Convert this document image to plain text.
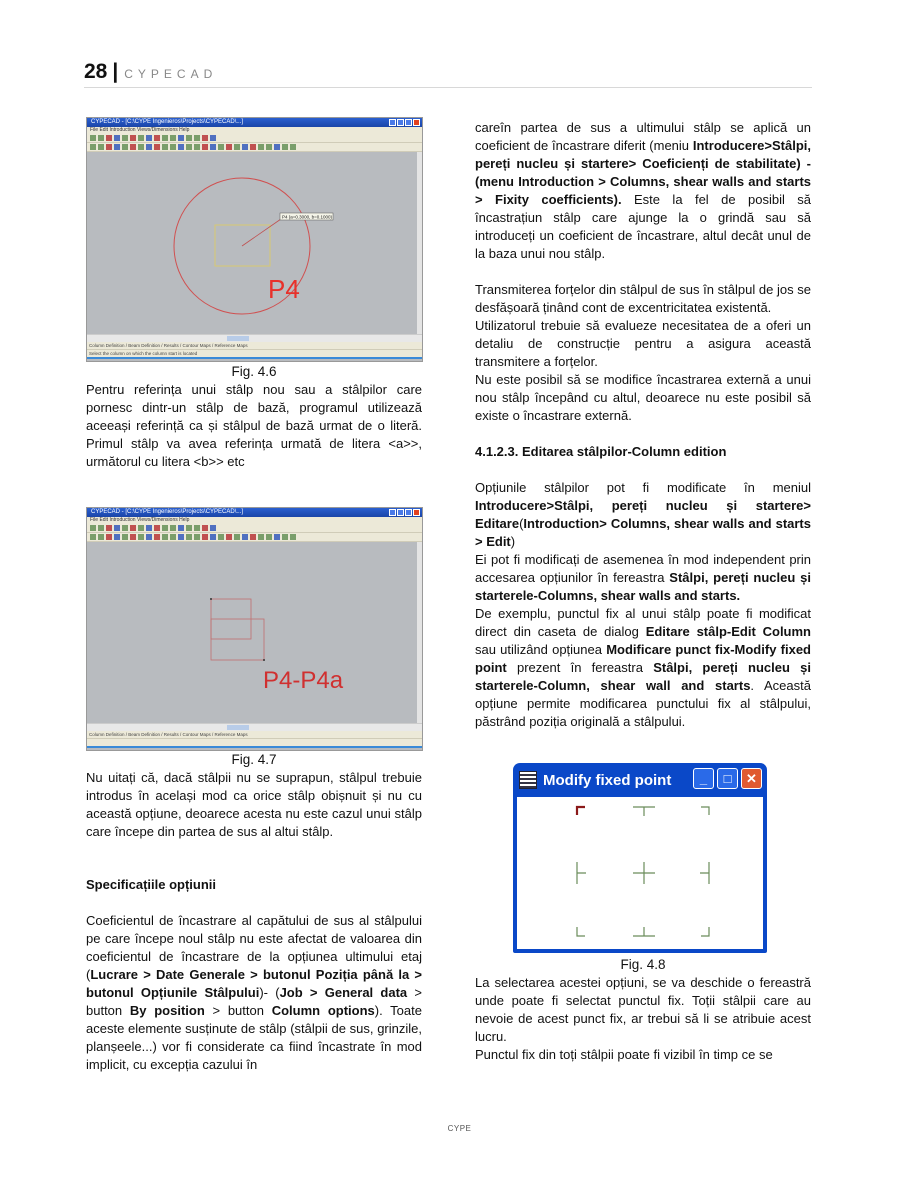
28 | CYPECAD
CYPECAD - [C:\CYPE Ingenieros\Projects\CYPECAD\...]
File Edit Introduction Views/Dimensions Help
P4 (a=0.3000, b=0.1000)
P4
Column Definition / Beam Definition / Results / Contour Maps / Reference Maps
Select the column on which the column start is located

Fig. 4.6

Pentru referința unui stâlp nou sau a stâlpilor care pornesc dintr-un stâlp de bază, programul utilizează aceeași referință ca și stâlpul de bază urmat de o literă. Primul stâlp va avea referința urmată de litera <a>>, următorul cu litera <b>> etc

CYPECAD - [C:\CYPE Ingenieros\Projects\CYPECAD\...]
File Edit Introduction Views/Dimensions Help
P4-P4a
Column Definition / Beam Definition / Results / Contour Maps / Reference Maps

Fig. 4.7

Nu uitați că, dacă stâlpii nu se suprapun, stâlpul trebuie introdus în același mod ca orice stâlp obișnuit și nu cu această opțiune, deoarece acesta nu este cazul unui stâlp care începe din partea de sus al altui stâlp.

Specificațiile opțiunii

Coeficientul de încastrare al capătului de sus al stâlpului pe care începe noul stâlp nu este afectat de valoarea din coeficientul de încastrare de la opțiunea ultimului etaj (Lucrare > Date Generale > butonul Poziția până la > butonul Opțiunile Stâlpului)- (Job > General data > button By position > button Column options). Toate aceste elemente susținute de stâlp (stâlpii de sus, grinzile, planșeele...) vor fi considerate ca fiind încastrate în mod implicit, cu excepția cazului în

careîn partea de sus a ultimului stâlp se aplică un coeficient de încastrare diferit (meniu Introducere>Stâlpi, pereți nucleu și startere> Coeficienți de stabilitate) - (menu Introduction > Columns, shear walls and starts > Fixity coefficients). Este la fel de posibil să încastrațiun stâlp care ajunge la o grindă sau să introduceți un coeficient de încastrare, altul decât unul de la baza unui nou stâlp.

Transmiterea forțelor din stâlpul de sus în stâlpul de jos se desfășoară ținând cont de excentricitatea existentă.

Utilizatorul trebuie să evalueze necesitatea de a oferi un detaliu de construcție pentru a asigura această transmitere a forțelor.

Nu este posibil să se modifice încastrarea externă a unui nou stâlp începând cu altul, deoarece nu este posibil să existe o încastrare externă.

4.1.2.3. Editarea stâlpilor-Column edition

Opțiunile stâlpilor pot fi modificate în meniul Introducere>Stâlpi, pereți nucleu și startere> Editare(Introduction> Columns, shear walls and starts > Edit)

Ei pot fi modificați de asemenea în mod independent prin accesarea opțiunilor în fereastra Stâlpi, pereți nucleu și starterele-Columns, shear walls and starts.

De exemplu, punctul fix al unui stâlp poate fi modificat direct din caseta de dialog Editare stâlp-Edit Column sau utilizând opțiunea Modificare punct fix-Modify fixed point prezent în fereastra Stâlpi, pereți nucleu și starterele-Column, shear wall and starts. Această opțiune permite modificarea punctului fix al stâlpului, păstrând poziția originală a stâlpului.

Modify fixed point	_	□	✕

Fig. 4.8

La selectarea acestei opțiuni, se va deschide o fereastră unde poate fi selectat punctul fix. Toții stâlpii care au nevoie de acest punct fix, ar trebui să li se atribuie acest lucru.

Punctul fix din toți stâlpii poate fi vizibil în timp ce se

CYPE
